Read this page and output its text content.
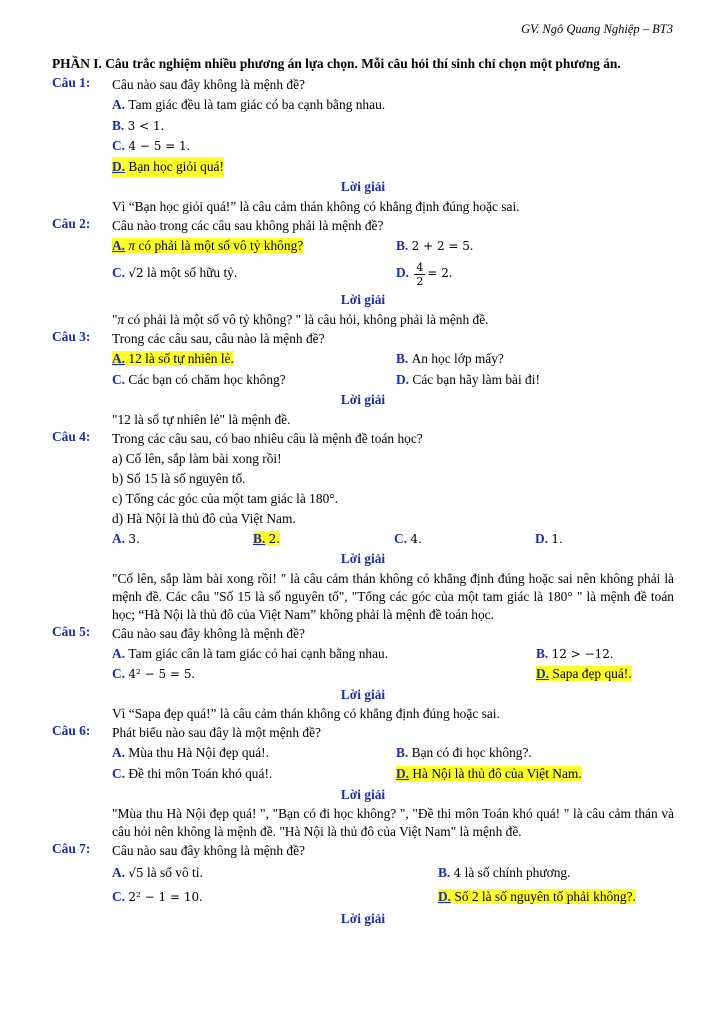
GV. Ngô Quang Nghiệp – BT3
PHẦN I. Câu trắc nghiệm nhiều phương án lựa chọn. Mỗi câu hỏi thí sinh chỉ chọn một phương án.
Câu 1:	Câu nào sau đây không là mệnh đề?
A.
Tam giác đều là tam giác có ba cạnh bằng nhau.
B.
3 < 1 .
C.
4 − 5 = 1 .
D. Bạn học giỏi quá!
Lời giải
Vì “Bạn học giỏi quá!” là câu cảm thán không có khẳng định đúng hoặc sai.
Câu 2:	Câu nào trong các câu sau không phải là mệnh đề?
A. π có phải là một số vô tỷ không?	B. 2 + 2 = 5.
C. √2 là một số hữu tỷ.	D. $\frac{4}{2} = 2$.
Lời giải
"π có phải là một số vô tỷ không? " là câu hỏi, không phải là mệnh đề.
Câu 3:	Trong các câu sau, câu nào là mệnh đề?
A. 12 là số tự nhiên lẻ.	B. An học lớp mấy?
C. Các bạn có chăm học không?	D. Các bạn hãy làm bài đi!
Lời giải
"12 là số tự nhiên lẻ" là mệnh đề.
Câu 4:	Trong các câu sau, có bao nhiêu câu là mệnh đề toán học?
a) Cố lên, sắp làm bài xong rồi!
b) Số 15 là số nguyên tố.
c) Tổng các góc của một tam giác là 180°.
d) Hà Nội là thủ đô của Việt Nam.
A. 3.	B. 2.	C. 4.	D. 1.
Lời giải
"Cố lên, sắp làm bài xong rồi! " là câu cảm thán không có khẳng định đúng hoặc sai nên không phải là mệnh đề. Các câu "Số 15 là số nguyên tố", "Tổng các góc của một tam giác là 180° " là mệnh đề toán học; “Hà Nội là thủ đô của Việt Nam” không phải là mệnh đề toán học.
Câu 5:	Câu nào sau đây không là mệnh đề?
A. Tam giác cân là tam giác có hai cạnh bằng nhau.	B. 12 > −12.
C. 4² − 5 = 5.	D. Sapa đẹp quá!.
Lời giải
Vì “Sapa đẹp quá!” là câu cảm thán không có khẳng định đúng hoặc sai.
Câu 6:	Phát biểu nào sau đây là một mệnh đề?
A. Mùa thu Hà Nội đẹp quá!.	B. Bạn có đi học không?.
C. Đề thi môn Toán khó quá!.	D. Hà Nội là thủ đô của Việt Nam.
Lời giải
"Mùa thu Hà Nội đẹp quá! ", "Bạn có đi học không? ", "Đề thi môn Toán khó quá! " là câu cảm thán và câu hỏi nên không là mệnh đề. "Hà Nội là thủ đô của Việt Nam" là mệnh đề.
Câu 7:	Câu nào sau đây không là mệnh đề?
A. √5 là số vô tỉ.	B. 4 là số chính phương.
C. 2² − 1 = 10.	D. Số 2 là số nguyên tố phải không?.
Lời giải
